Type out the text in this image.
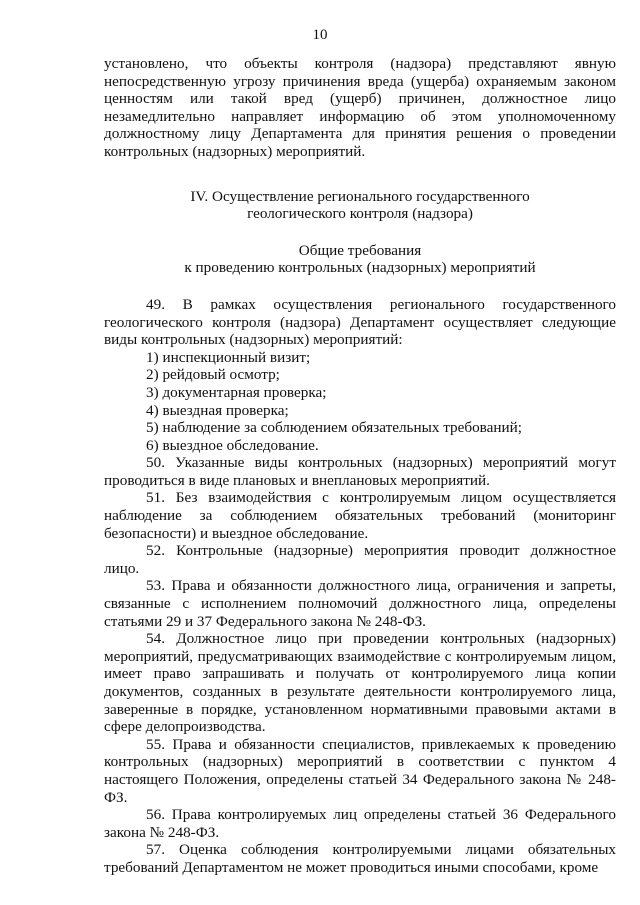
10

установлено, что объекты контроля (надзора) представляют явную непосредственную угрозу причинения вреда (ущерба) охраняемым законом ценностям или такой вред (ущерб) причинен, должностное лицо незамедлительно направляет информацию об этом уполномоченному должностному лицу Департамента для принятия решения о проведении контрольных (надзорных) мероприятий.

IV. Осуществление регионального государственного
геологического контроля (надзора)

Общие требования
к проведению контрольных (надзорных) мероприятий

49. В рамках осуществления регионального государственного геологического контроля (надзора) Департамент осуществляет следующие виды контрольных (надзорных) мероприятий:

1) инспекционный визит;

2) рейдовый осмотр;

3) документарная проверка;

4) выездная проверка;

5) наблюдение за соблюдением обязательных требований;

6) выездное обследование.

50. Указанные виды контрольных (надзорных) мероприятий могут проводиться в виде плановых и внеплановых мероприятий.

51. Без взаимодействия с контролируемым лицом осуществляется наблюдение за соблюдением обязательных требований (мониторинг безопасности) и выездное обследование.

52. Контрольные (надзорные) мероприятия проводит должностное лицо.

53. Права и обязанности должностного лица, ограничения и запреты, связанные с исполнением полномочий должностного лица, определены статьями 29 и 37 Федерального закона № 248-ФЗ.

54. Должностное лицо при проведении контрольных (надзорных) мероприятий, предусматривающих взаимодействие с контролируемым лицом, имеет право запрашивать и получать от контролируемого лица копии документов, созданных в результате деятельности контролируемого лица, заверенные в порядке, установленном нормативными правовыми актами в сфере делопроизводства.

55. Права и обязанности специалистов, привлекаемых к проведению контрольных (надзорных) мероприятий в соответствии с пунктом 4 настоящего Положения, определены статьей 34 Федерального закона № 248-ФЗ.

56. Права контролируемых лиц определены статьей 36 Федерального закона № 248-ФЗ.

57. Оценка соблюдения контролируемыми лицами обязательных требований Департаментом не может проводиться иными способами, кроме
